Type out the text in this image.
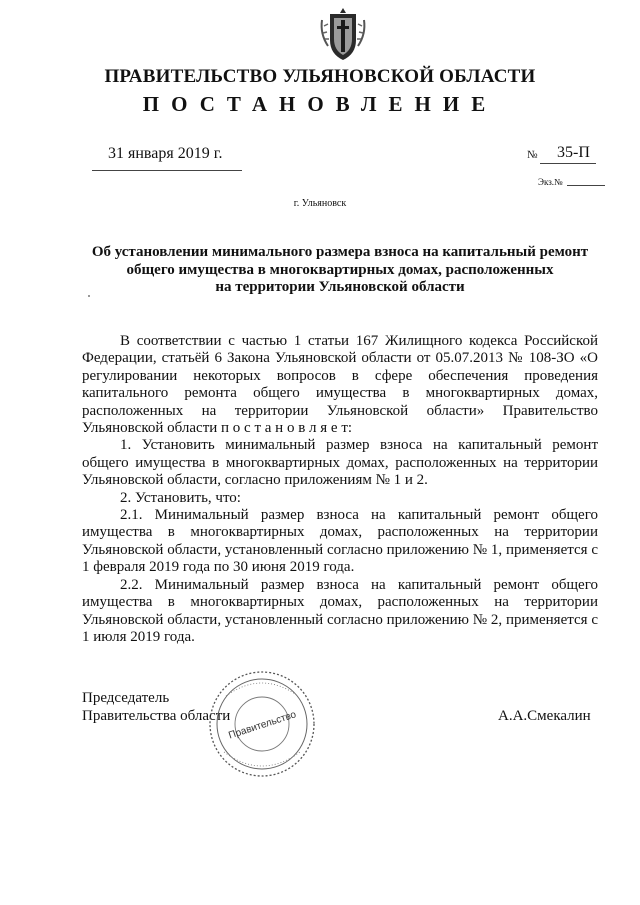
ПРАВИТЕЛЬСТВО УЛЬЯНОВСКОЙ ОБЛАСТИ
ПОСТАНОВЛЕНИЕ
31 января 2019 г.	№ 35-П
Экз.№
г. Ульяновск
Об установлении минимального размера взноса на капитальный ремонт
общего имущества в многоквартирных домах, расположенных
на территории Ульяновской области

В соответствии с частью 1 статьи 167 Жилищного кодекса Российской Федерации, статьёй 6 Закона Ульяновской области от 05.07.2013 № 108-ЗО «О регулировании некоторых вопросов в сфере обеспечения проведения капитального ремонта общего имущества в многоквартирных домах, расположенных на территории Ульяновской области» Правительство Ульяновской области п о с т а н о в л я е т:

1. Установить минимальный размер взноса на капитальный ремонт общего имущества в многоквартирных домах, расположенных на территории Ульяновской области, согласно приложениям № 1 и 2.

2. Установить, что:

2.1. Минимальный размер взноса на капитальный ремонт общего имущества в многоквартирных домах, расположенных на территории Ульяновской области, установленный согласно приложению № 1, применяется с 1 февраля 2019 года по 30 июня 2019 года.

2.2. Минимальный размер взноса на капитальный ремонт общего имущества в многоквартирных домах, расположенных на территории Ульяновской области, установленный согласно приложению № 2, применяется с 1 июля 2019 года.

Председатель
Правительства области
Правительство	А.А.Смекалин
